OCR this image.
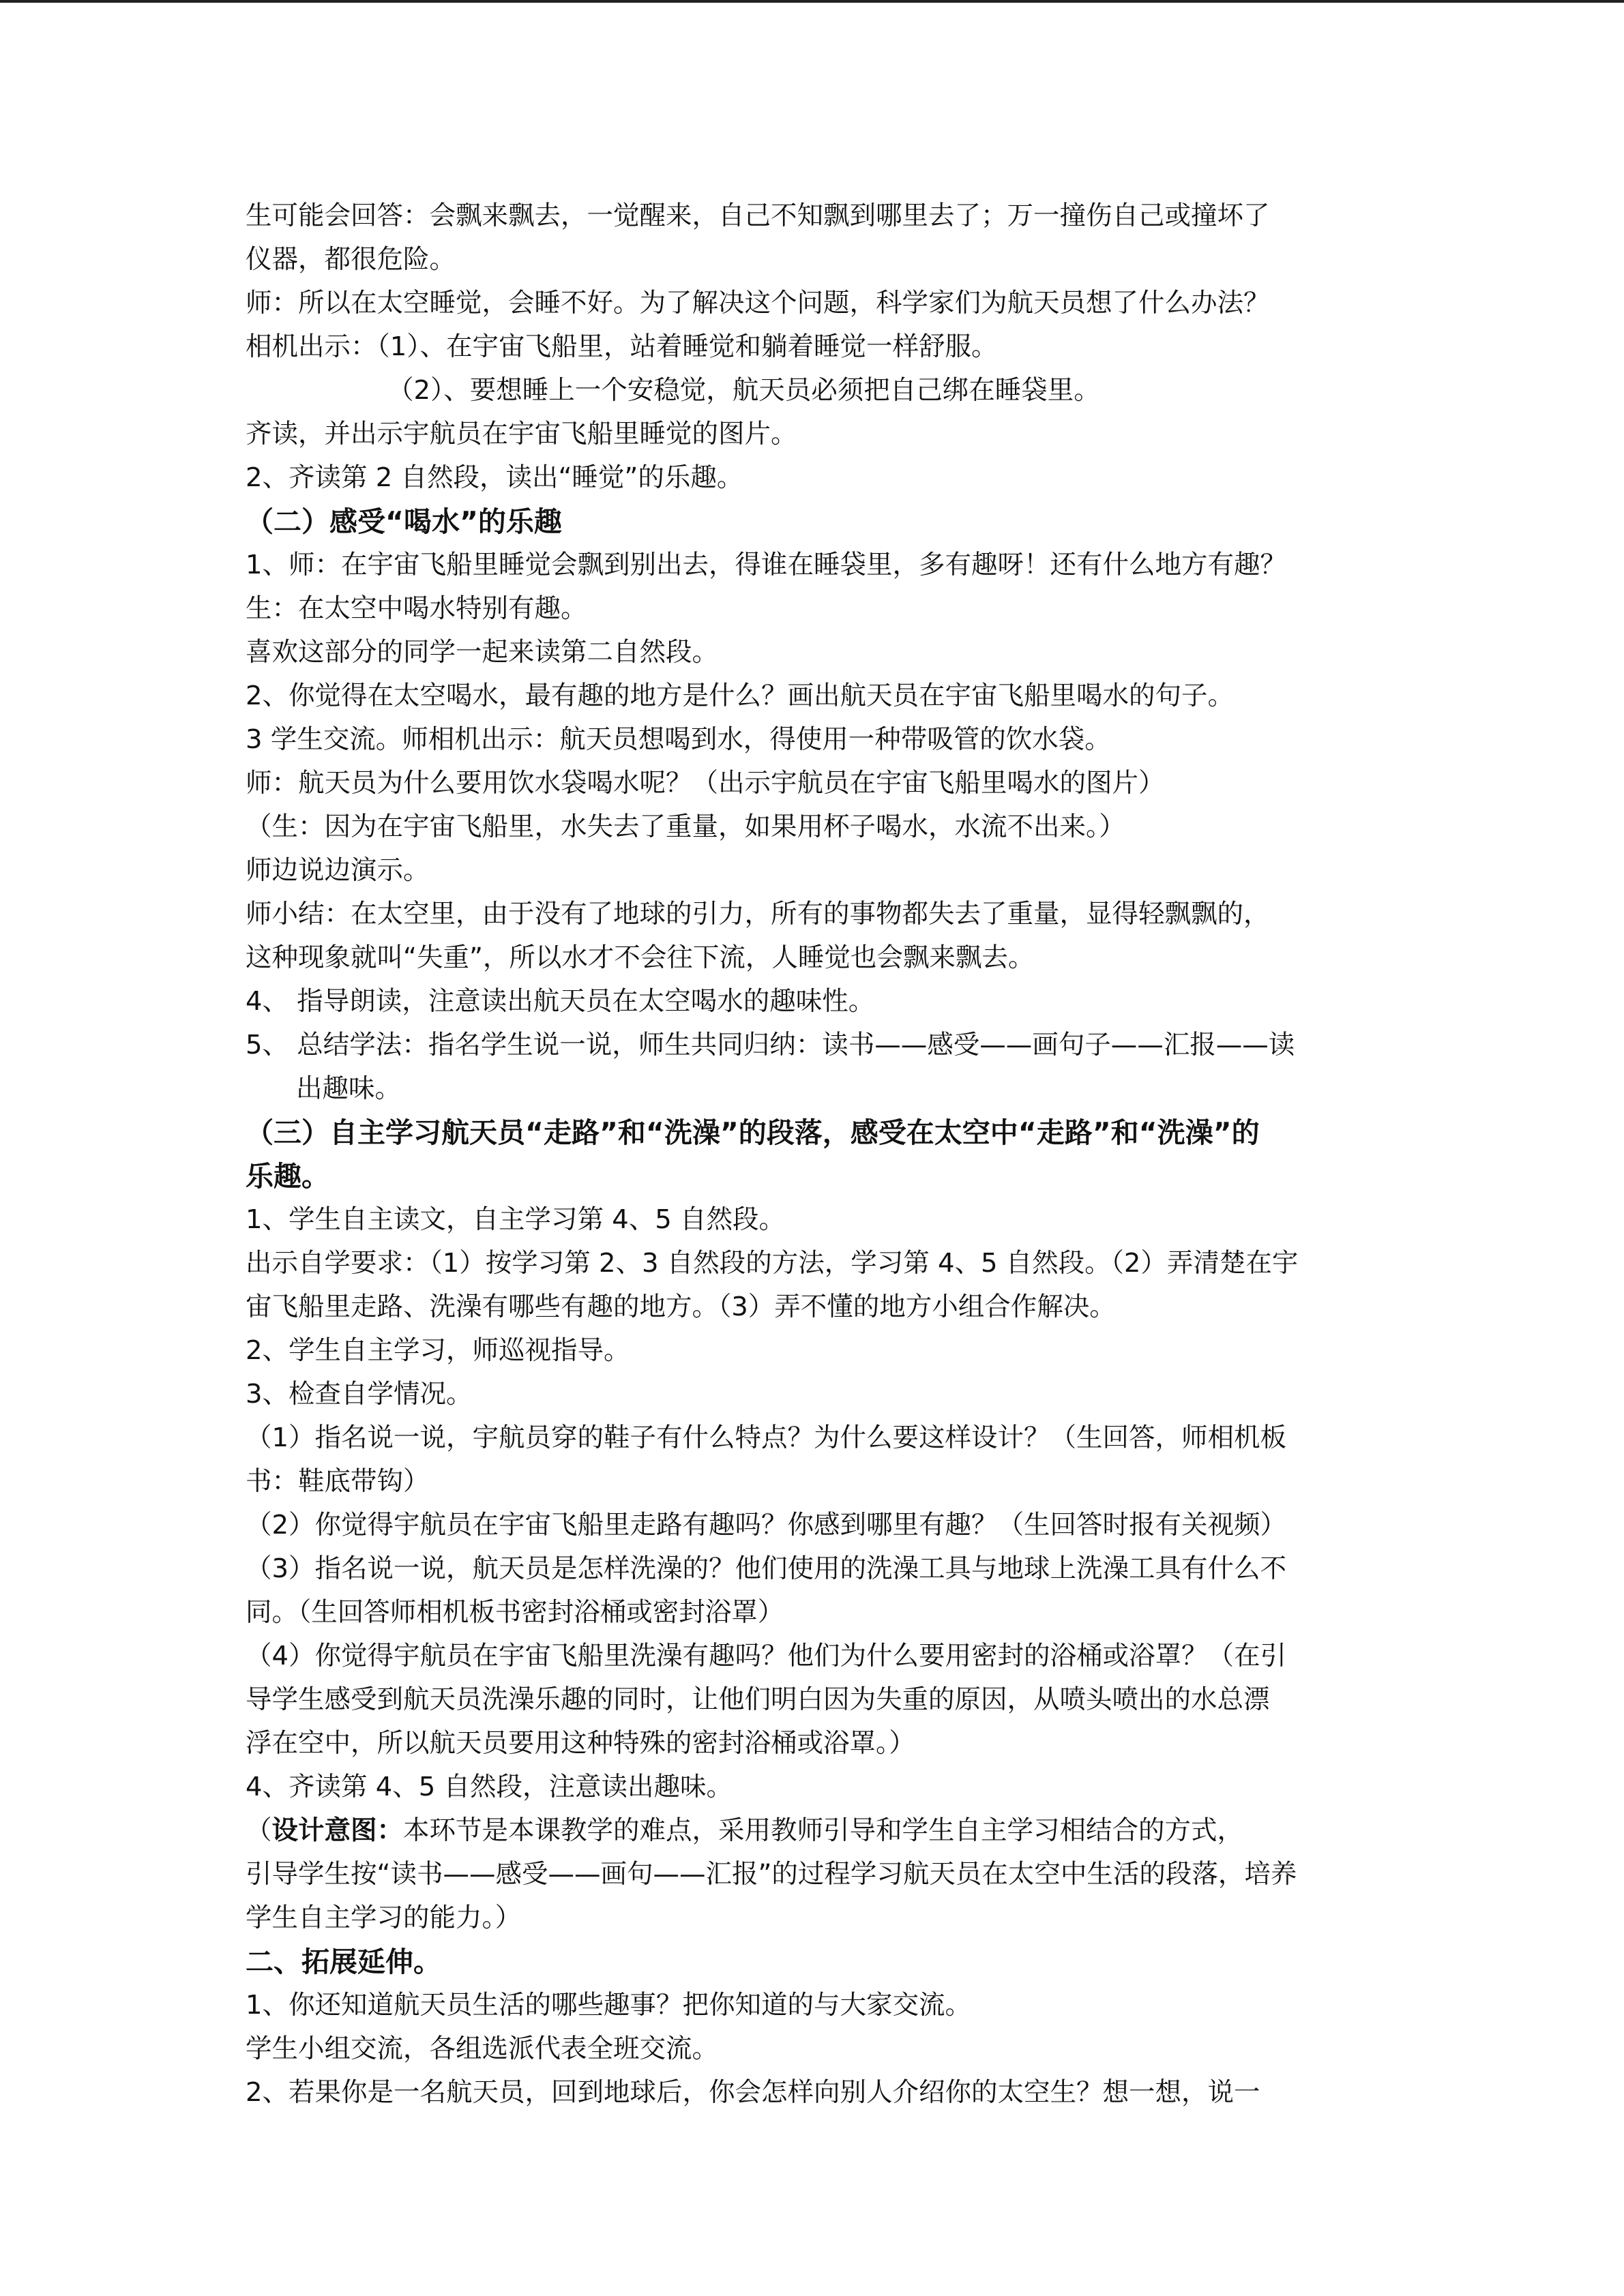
生可能会回答：会飘来飘去，一觉醒来，自己不知飘到哪里去了；万一撞伤自己或撞坏了
仪器，都很危险。
师：所以在太空睡觉，会睡不好。为了解决这个问题，科学家们为航天员想了什么办法？
相机出示：（1）、在宇宙飞船里，站着睡觉和躺着睡觉一样舒服。
（2）、要想睡上一个安稳觉，航天员必须把自己绑在睡袋里。
齐读，并出示宇航员在宇宙飞船里睡觉的图片。
2、齐读第 2 自然段，读出“睡觉”的乐趣。
（二）感受“喝水”的乐趣
1、师：在宇宙飞船里睡觉会飘到别出去，得谁在睡袋里，多有趣呀！还有什么地方有趣？
生：在太空中喝水特别有趣。
喜欢这部分的同学一起来读第二自然段。
2、你觉得在太空喝水，最有趣的地方是什么？画出航天员在宇宙飞船里喝水的句子。
3 学生交流。师相机出示：航天员想喝到水，得使用一种带吸管的饮水袋。
师：航天员为什么要用饮水袋喝水呢？（出示宇航员在宇宙飞船里喝水的图片）
（生：因为在宇宙飞船里，水失去了重量，如果用杯子喝水，水流不出来。）
师边说边演示。
师小结：在太空里，由于没有了地球的引力，所有的事物都失去了重量，显得轻飘飘的，
这种现象就叫“失重”，所以水才不会往下流，人睡觉也会飘来飘去。
4、 指导朗读，注意读出航天员在太空喝水的趣味性。
5、 总结学法：指名学生说一说，师生共同归纳：读书——感受——画句子——汇报——读
出趣味。
（三）自主学习航天员“走路”和“洗澡”的段落，感受在太空中“走路”和“洗澡”的
乐趣。
1、学生自主读文，自主学习第 4、5 自然段。
出示自学要求：（1）按学习第 2、3 自然段的方法，学习第 4、5 自然段。（2）弄清楚在宇
宙飞船里走路、洗澡有哪些有趣的地方。（3）弄不懂的地方小组合作解决。
2、学生自主学习，师巡视指导。
3、检查自学情况。
（1）指名说一说，宇航员穿的鞋子有什么特点？为什么要这样设计？（生回答，师相机板
书：鞋底带钩）
（2）你觉得宇航员在宇宙飞船里走路有趣吗？你感到哪里有趣？（生回答时报有关视频）
（3）指名说一说，航天员是怎样洗澡的？他们使用的洗澡工具与地球上洗澡工具有什么不
同。（生回答师相机板书密封浴桶或密封浴罩）
（4）你觉得宇航员在宇宙飞船里洗澡有趣吗？他们为什么要用密封的浴桶或浴罩？（在引
导学生感受到航天员洗澡乐趣的同时，让他们明白因为失重的原因，从喷头喷出的水总漂
浮在空中，所以航天员要用这种特殊的密封浴桶或浴罩。）
4、齐读第 4、5 自然段，注意读出趣味。
（设计意图：本环节是本课教学的难点，采用教师引导和学生自主学习相结合的方式，
引导学生按“读书——感受——画句——汇报”的过程学习航天员在太空中生活的段落，培养
学生自主学习的能力。）
二、拓展延伸。
1、你还知道航天员生活的哪些趣事？把你知道的与大家交流。
学生小组交流，各组选派代表全班交流。
2、若果你是一名航天员，回到地球后，你会怎样向别人介绍你的太空生？想一想，说一
